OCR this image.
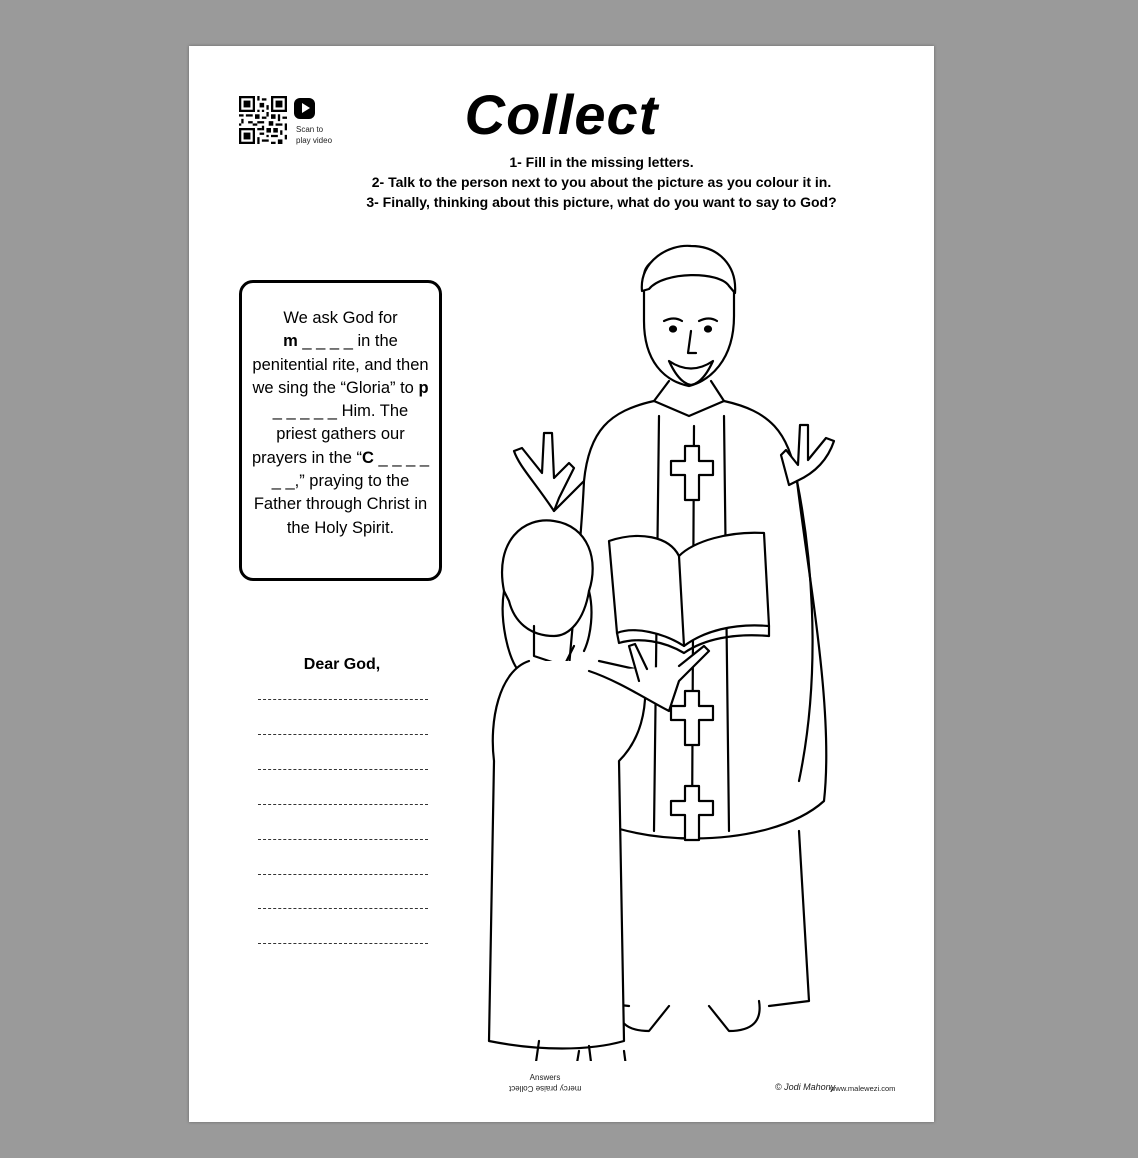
Scan to
play video	Collect
1- Fill in the missing letters.
2- Talk to the person next to you about the picture as you colour it in.
3- Finally, thinking about this picture, what do you want to say to God?
We ask God for
m _ _ _ _ in the penitential rite, and then we sing the “Gloria” to p _ _ _ _ _ Him. The priest gathers our prayers in the “C _ _ _ _ _ _,” praying to the Father through Christ in the Holy Spirit.
Dear God,
Answers
mercy praise Collect	© Jodi Mahony
www.malewezi.com
